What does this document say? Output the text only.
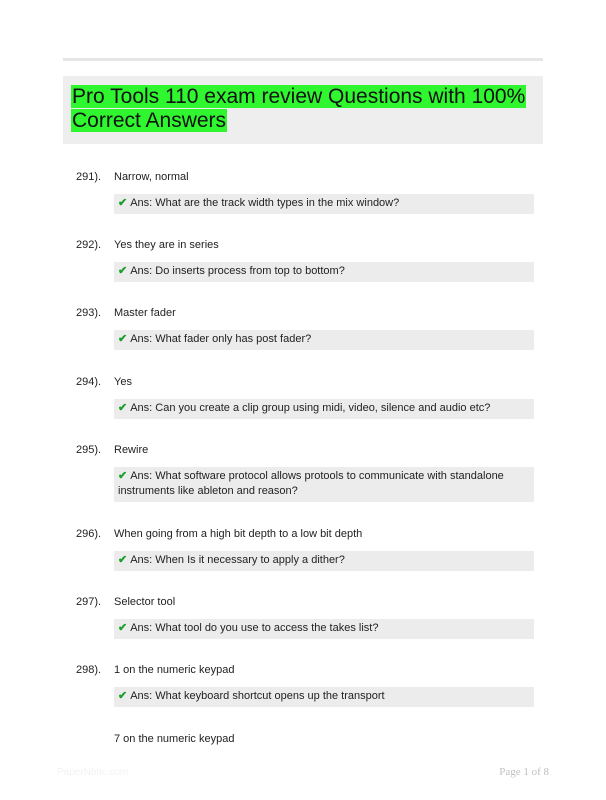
Pro Tools 110 exam review Questions with 100% Correct Answers
291). Narrow, normal
✔ Ans: What are the track width types in the mix window?
292). Yes they are in series
✔ Ans: Do inserts process from top to bottom?
293). Master fader
✔ Ans: What fader only has post fader?
294). Yes
✔ Ans: Can you create a clip group using midi, video, silence and audio etc?
295). Rewire
✔ Ans: What software protocol allows protools to communicate with standalone instruments like ableton and reason?
296). When going from a high bit depth to a low bit depth
✔ Ans: When Is it necessary to apply a dither?
297). Selector tool
✔ Ans: What tool do you use to access the takes list?
298). 1 on the numeric keypad
✔ Ans: What keyboard shortcut opens up the transport
7 on the numeric keypad
PaperNbtic.com	Page 1 of 8
